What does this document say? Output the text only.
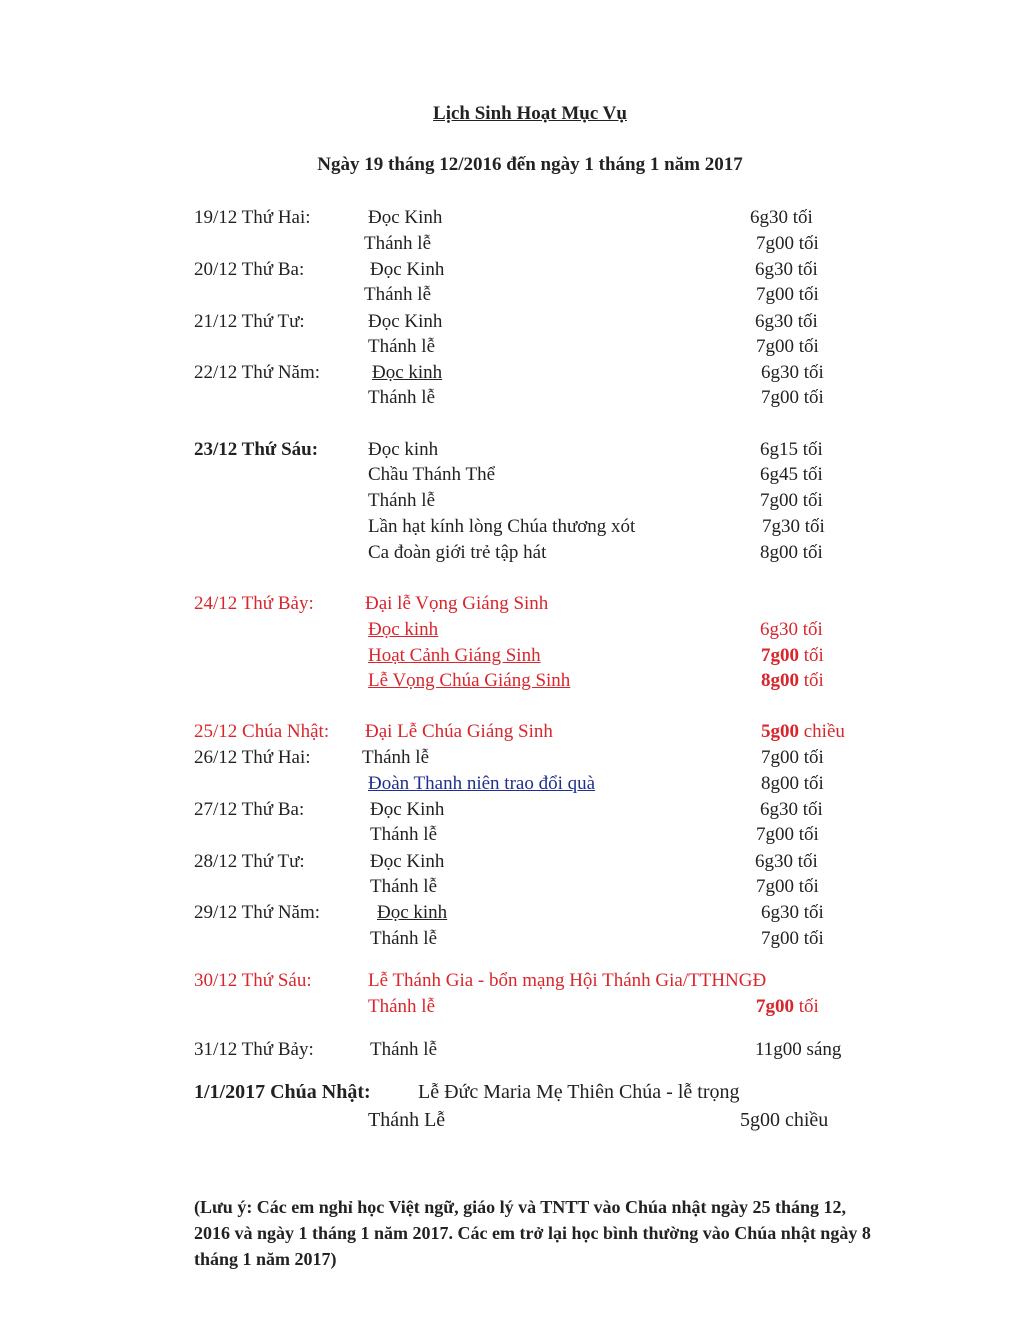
Lịch Sinh Hoạt Mục Vụ
Ngày 19 tháng 12/2016 đến ngày 1 tháng 1 năm 2017
19/12 Thứ Hai:	Đọc Kinh	6g30 tối
Thánh lễ	7g00 tối
20/12 Thứ Ba:	Đọc Kinh	6g30 tối
Thánh lễ	7g00 tối
21/12 Thứ Tư:	Đọc Kinh	6g30 tối
Thánh lễ	7g00 tối
22/12 Thứ Năm:	Đọc kinh	6g30 tối
Thánh lễ	7g00 tối
23/12 Thứ Sáu:	Đọc kinh	6g15 tối
Chầu Thánh Thể	6g45 tối
Thánh lễ	7g00 tối
Lần hạt kính lòng Chúa thương xót	7g30 tối
Ca đoàn giới trẻ tập hát	8g00 tối
24/12 Thứ Bảy:	Đại lễ Vọng Giáng Sinh
Đọc kinh	6g30 tối
Hoạt Cảnh Giáng Sinh	7g00 tối
Lễ Vọng Chúa Giáng Sinh	8g00 tối
25/12 Chúa Nhật: Đại Lễ Chúa Giáng Sinh	5g00 chiều
26/12 Thứ Hai:	Thánh lễ	7g00 tối
Đoàn Thanh niên trao đổi quà	8g00 tối
27/12 Thứ Ba:	Đọc Kinh	6g30 tối
Thánh lễ	7g00 tối
28/12 Thứ Tư:	Đọc Kinh	6g30 tối
Thánh lễ	7g00 tối
29/12 Thứ Năm:	Đọc kinh	6g30 tối
Thánh lễ	7g00 tối
30/12 Thứ Sáu:	Lễ Thánh Gia - bổn mạng Hội Thánh Gia/TTHNGĐ
Thánh lễ	7g00 tối
31/12 Thứ Bảy:	Thánh lễ	11g00 sáng
1/1/2017 Chúa Nhật: Lễ Đức Maria Mẹ Thiên Chúa - lễ trọng
Thánh Lễ	5g00 chiều
(Lưu ý: Các em nghỉ học Việt ngữ, giáo lý và TNTT vào Chúa nhật ngày 25 tháng 12, 2016 và ngày 1 tháng 1 năm 2017. Các em trở lại học bình thường vào Chúa nhật ngày 8 tháng 1 năm 2017)
